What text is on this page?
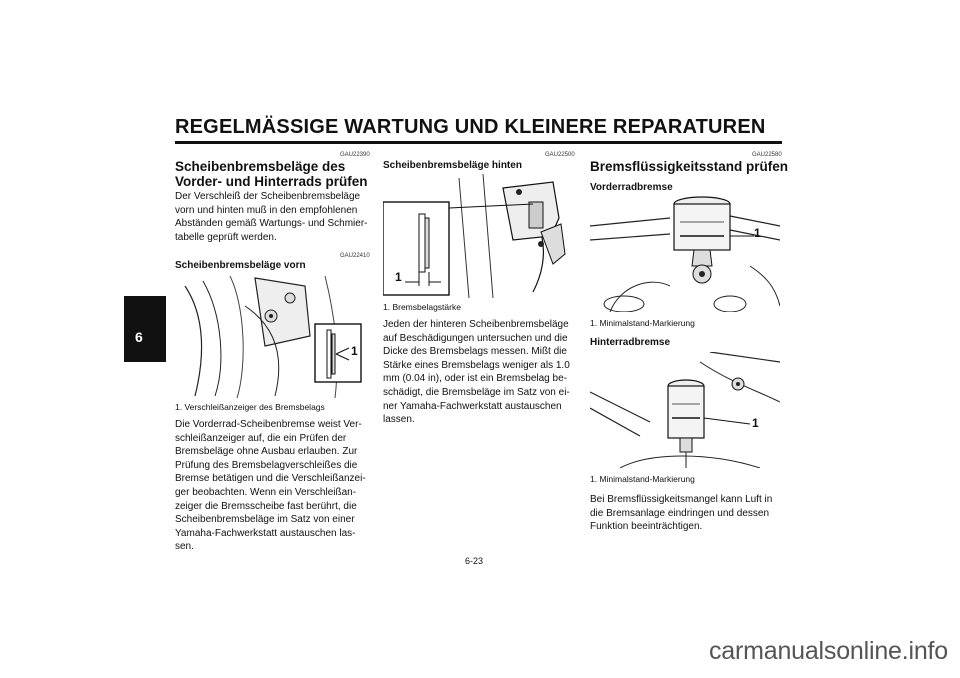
REGELMÄSSIGE WARTUNG UND KLEINERE REPARATUREN
6
GAU22390
Scheibenbremsbeläge des
Vorder- und Hinterrads prüfen
Der Verschleiß der Scheibenbremsbeläge
vorn und hinten muß in den empfohlenen
Abständen gemäß Wartungs- und Schmier-
tabelle geprüft werden.
GAU22410
Scheibenbremsbeläge vorn
1
1. Verschleißanzeiger des Bremsbelags
Die Vorderrad-Scheibenbremse weist Ver-
schleißanzeiger auf, die ein Prüfen der
Bremsbeläge ohne Ausbau erlauben. Zur
Prüfung des Bremsbelagverschleißes die
Bremse betätigen und die Verschleißanzei-
ger beobachten. Wenn ein Verschleißan-
zeiger die Bremsscheibe fast berührt, die
Scheibenbremsbeläge im Satz von einer
Yamaha-Fachwerkstatt austauschen las-
sen.
GAU22500
Scheibenbremsbeläge hinten
1
1. Bremsbelagstärke
Jeden der hinteren Scheibenbremsbeläge
auf Beschädigungen untersuchen und die
Dicke des Bremsbelags messen. Mißt die
Stärke eines Bremsbelags weniger als 1.0
mm (0.04 in), oder ist ein Bremsbelag be-
schädigt, die Bremsbeläge im Satz von ei-
ner Yamaha-Fachwerkstatt austauschen
lassen.
GAU22580
Bremsflüssigkeitsstand prüfen
Vorderradbremse
1
1. Minimalstand-Markierung
Hinterradbremse
1
1. Minimalstand-Markierung
Bei Bremsflüssigkeitsmangel kann Luft in
die Bremsanlage eindringen und dessen
Funktion beeinträchtigen.
6-23
carmanualsonline.info
